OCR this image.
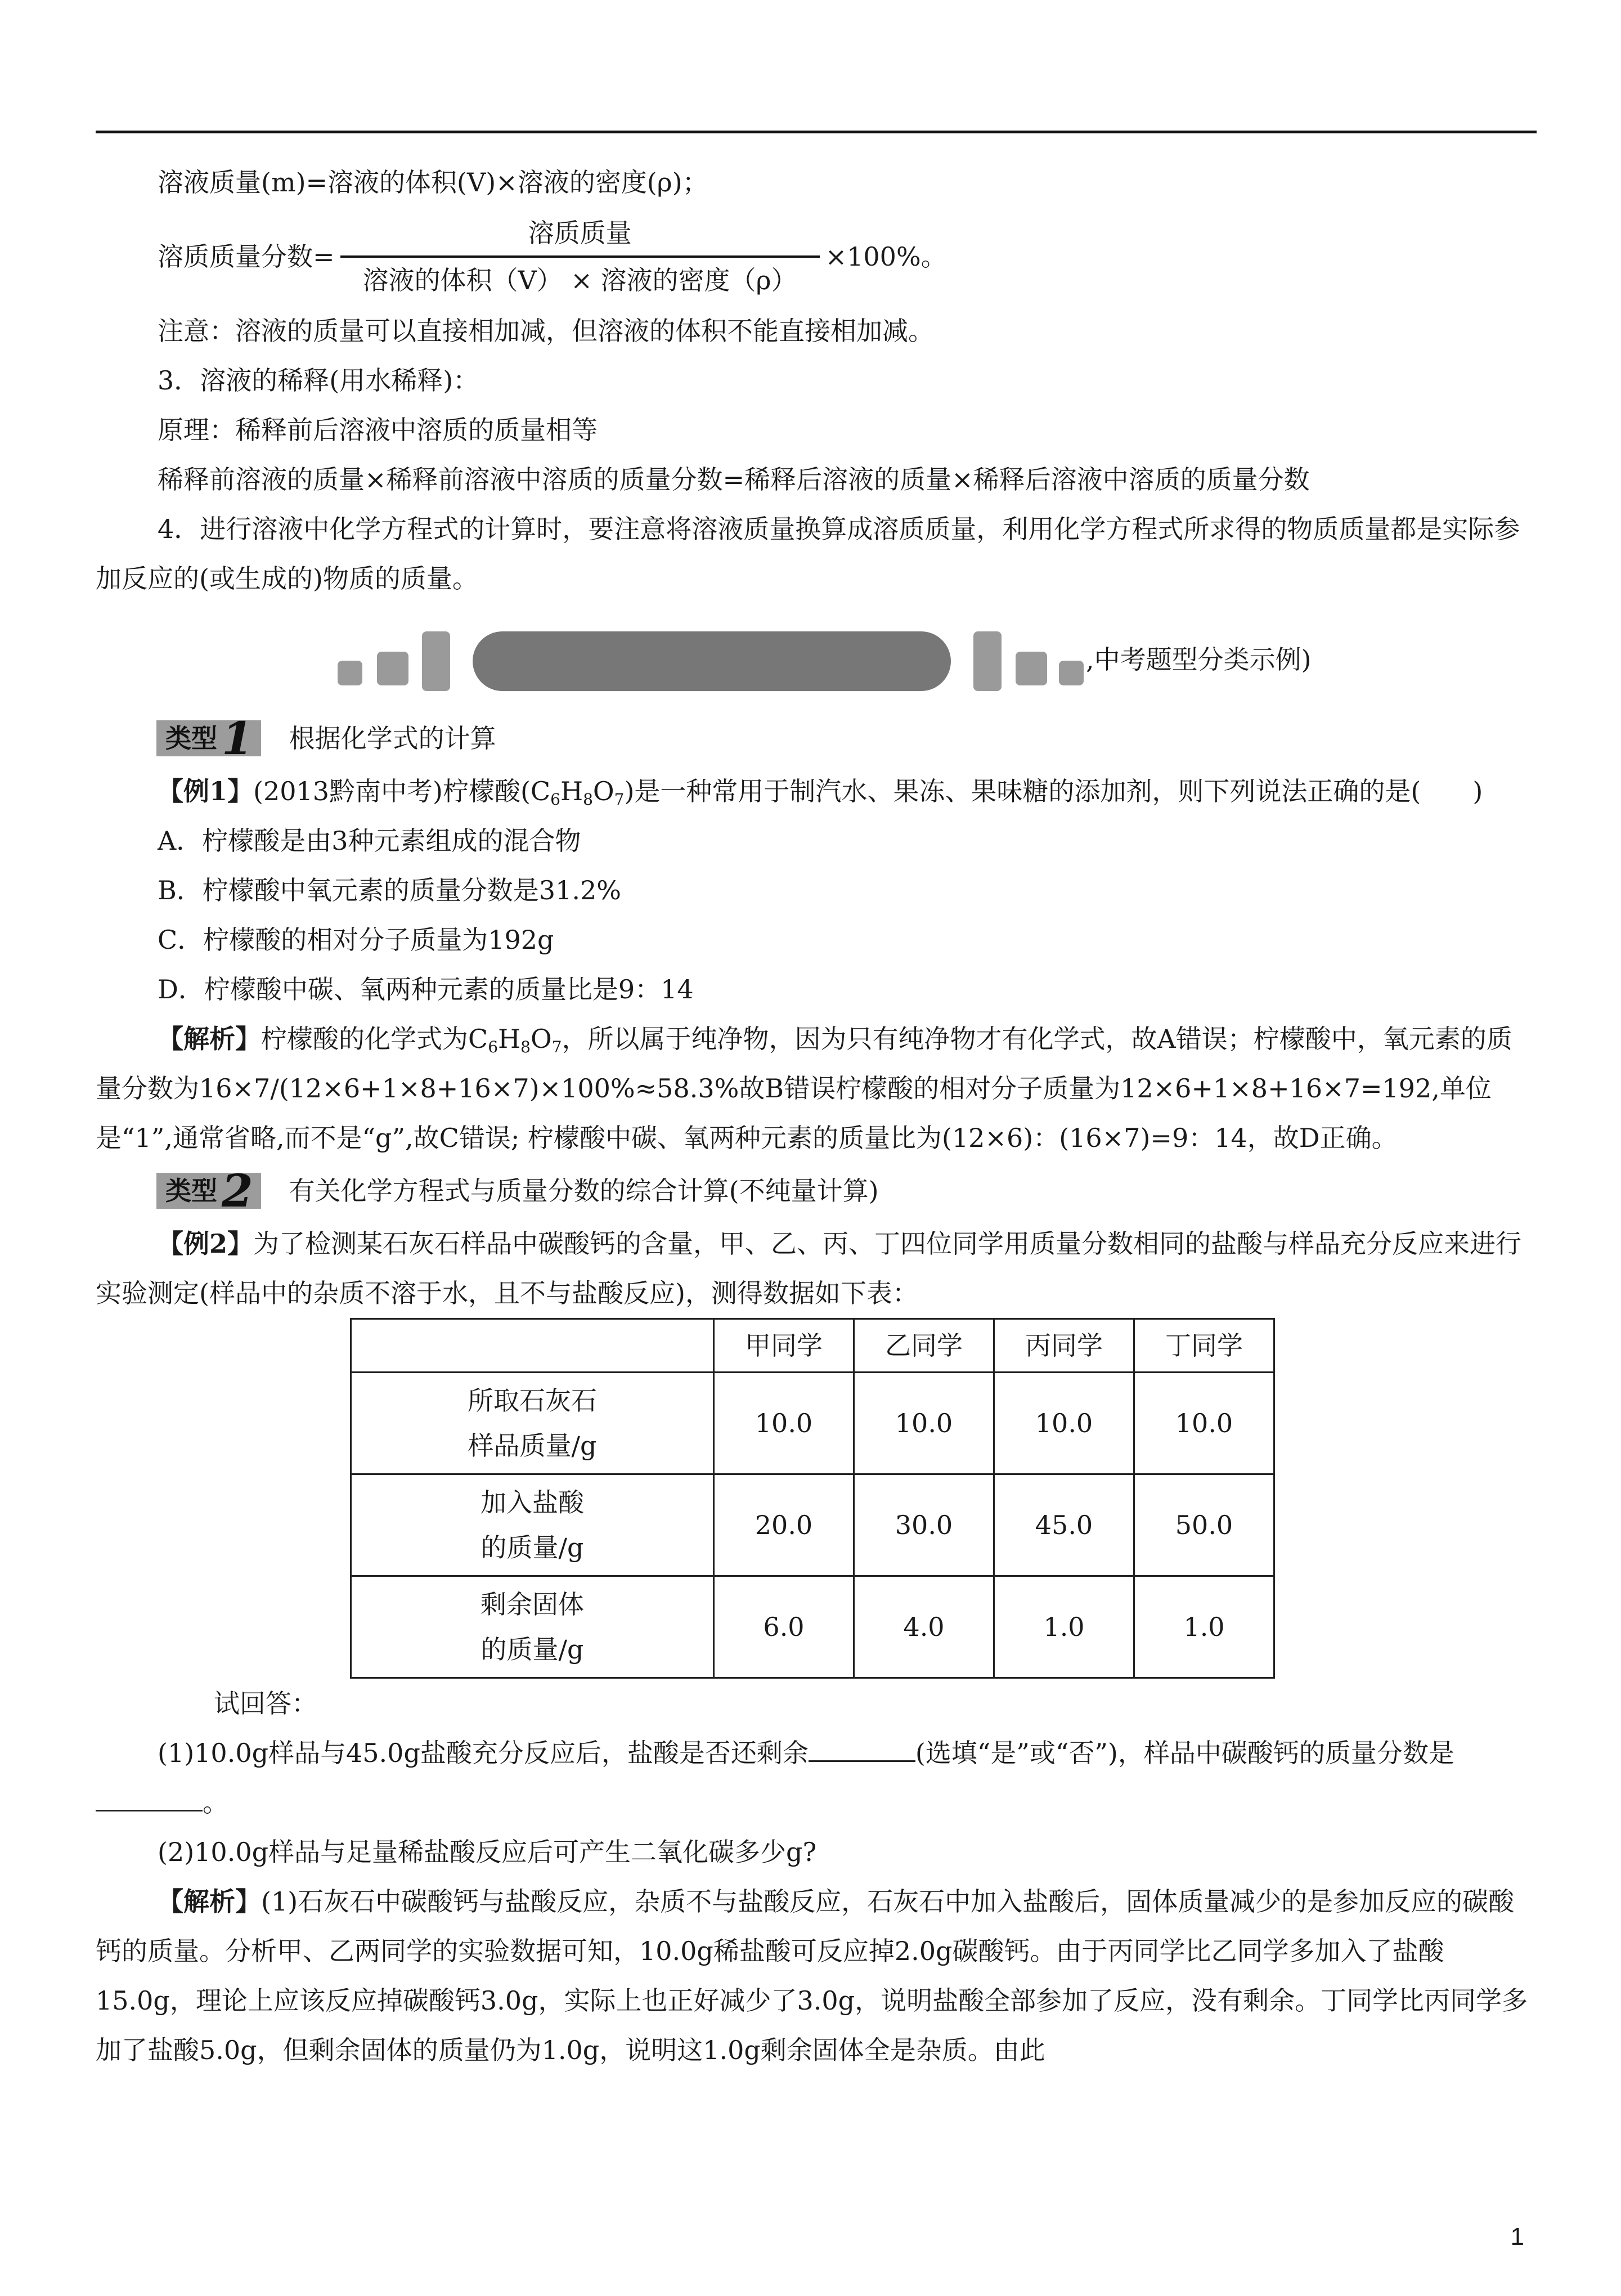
溶液质量(m)=溶液的体积(V)×溶液的密度(ρ)；

溶质质量分数= $\frac{\text{溶质质量}}{\text{溶液的体积（V） × 溶液的密度（ρ）}} \times 100\%$。

注意：溶液的质量可以直接相加减，但溶液的体积不能直接相加减。

3．溶液的稀释(用水稀释)：

原理：稀释前后溶液中溶质的质量相等

稀释前溶液的质量×稀释前溶液中溶质的质量分数=稀释后溶液的质量×稀释后溶液中溶质的质量分数

4．进行溶液中化学方程式的计算时，要注意将溶液质量换算成溶质质量，利用化学方程式所求得的物质质量都是实际参加反应的(或生成的)物质的质量。

,中考题型分类示例)
类型 1 根据化学式的计算

【例1】(2013黔南中考)柠檬酸$(C_6H_8O_7)$是一种常用于制汽水、果冻、果味糖的添加剂，则下列说法正确的是(　　)

A．柠檬酸是由3种元素组成的混合物

B．柠檬酸中氧元素的质量分数是31.2%

C．柠檬酸的相对分子质量为192g

D．柠檬酸中碳、氧两种元素的质量比是9：14

【解析】柠檬酸的化学式为$C_6H_8O_7$，所以属于纯净物，因为只有纯净物才有化学式，故A错误；柠檬酸中，氧元素的质量分数为16×7/(12×6+1×8+16×7)×100%≈58.3%故B错误柠檬酸的相对分子质量为12×6+1×8+16×7=192,单位是“1”,通常省略,而不是“g”,故C错误; 柠檬酸中碳、氧两种元素的质量比为(12×6)：(16×7)=9：14，故D正确。

类型 2 有关化学方程式与质量分数的综合计算(不纯量计算)

【例2】为了检测某石灰石样品中碳酸钙的含量，甲、乙、丙、丁四位同学用质量分数相同的盐酸与样品充分反应来进行实验测定(样品中的杂质不溶于水，且不与盐酸反应)，测得数据如下表：

	甲同学	乙同学	丙同学	丁同学

所取石灰石
样品质量/g	10.0	10.0	10.0	10.0

加入盐酸
的质量/g	20.0	30.0	45.0	50.0

剩余固体
的质量/g	6.0	4.0	1.0	1.0

试回答：

(1)10.0g样品与45.0g盐酸充分反应后，盐酸是否还剩余	(选填“是”或“否”)，样品中碳酸钙的质量分数是。

(2)10.0g样品与足量稀盐酸反应后可产生二氧化碳多少g?

【解析】(1)石灰石中碳酸钙与盐酸反应，杂质不与盐酸反应，石灰石中加入盐酸后，固体质量减少的是参加反应的碳酸钙的质量。分析甲、乙两同学的实验数据可知，10.0g稀盐酸可反应掉2.0g碳酸钙。由于丙同学比乙同学多加入了盐酸15.0g，理论上应该反应掉碳酸钙3.0g，实际上也正好减少了3.0g，说明盐酸全部参加了反应，没有剩余。丁同学比丙同学多加了盐酸5.0g，但剩余固体的质量仍为1.0g，说明这1.0g剩余固体全是杂质。由此

1
